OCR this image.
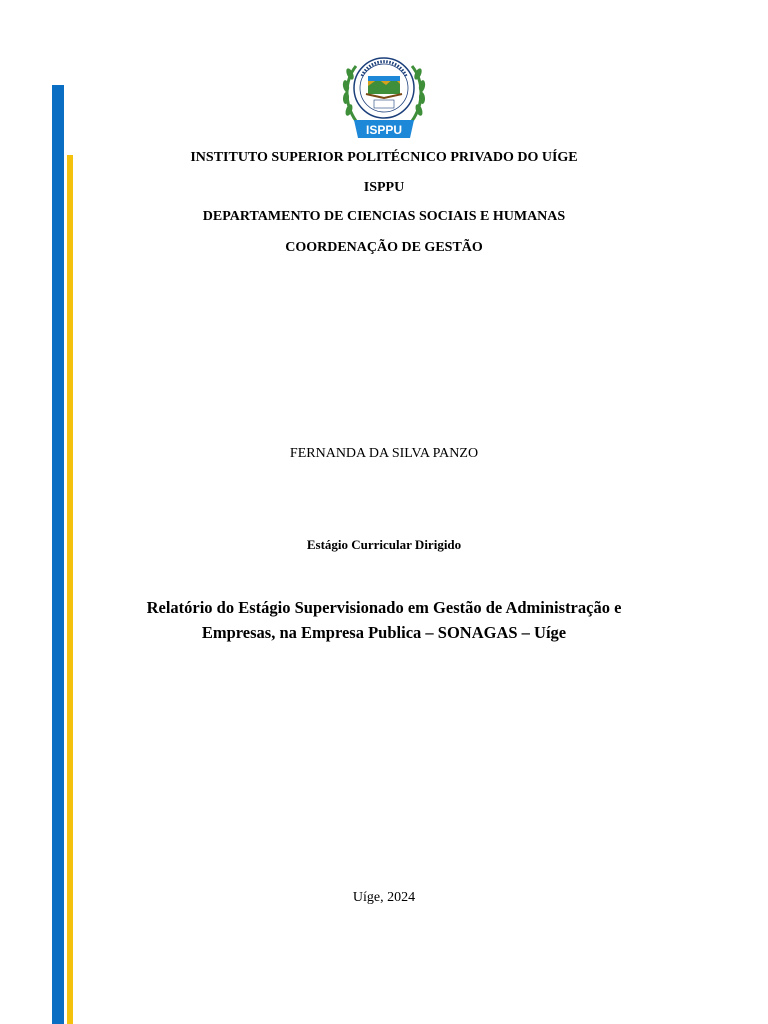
ISPPU
INSTITUTO SUPERIOR POLITÉCNICO PRIVADO DO UÍGE
ISPPU
DEPARTAMENTO DE CIENCIAS SOCIAIS E HUMANAS
COORDENAÇÃO DE GESTÃO
FERNANDA DA SILVA PANZO
Estágio Curricular Dirigido
Relatório do Estágio Supervisionado em Gestão de Administração e
Empresas, na Empresa Publica – SONAGAS – Uíge
Uíge, 2024
